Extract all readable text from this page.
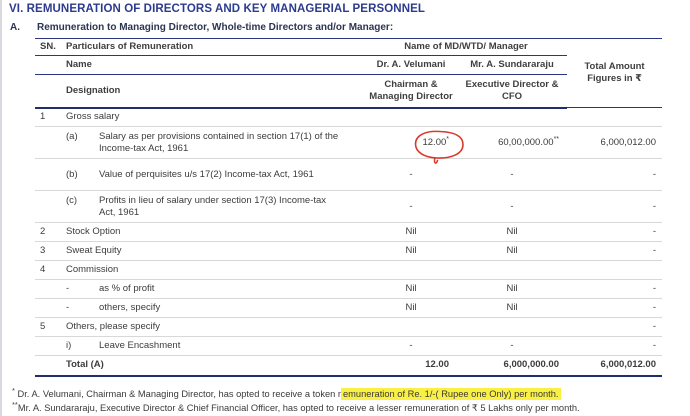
VI. REMUNERATION OF DIRECTORS AND KEY MANAGERIAL PERSONNEL
A.	Remuneration to Managing Director, Whole-time Directors and/or Manager:
SN.	Particulars of Remuneration	Name of MD/WTD/ Manager		Total Amount Figures in ₹
Name		Dr. A. Velumani	Mr. A. Sundararaju	
Designation		Chairman & Managing Director	Executive Director & CFO	
1	Gross salary			
	(a) Salary as per provisions contained in section 17(1) of the Income-tax Act, 1961	12.00*	60,00,000.00**	6,000,012.00
	(b) Value of perquisites u/s 17(2) Income-tax Act, 1961	-	-	-
	(c) Profits in lieu of salary under section 17(3) Income-tax Act, 1961	-	-	-
2	Stock Option	Nil	Nil	-
3	Sweat Equity	Nil	Nil	-
4	Commission			
	- as % of profit	Nil	Nil	-
	- others, specify	Nil	Nil	-
5	Others, please specify			-
	i) Leave Encashment	-	-	-
	Total (A)	12.00	6,000,000.00	6,000,012.00
* Dr. A. Velumani, Chairman & Managing Director, has opted to receive a token r emuneration of Re. 1/-( Rupee one Only) per month.
**Mr. A. Sundararaju, Executive Director & Chief Financial Officer, has opted to receive a lesser remuneration of ₹ 5 Lakhs only per month.
